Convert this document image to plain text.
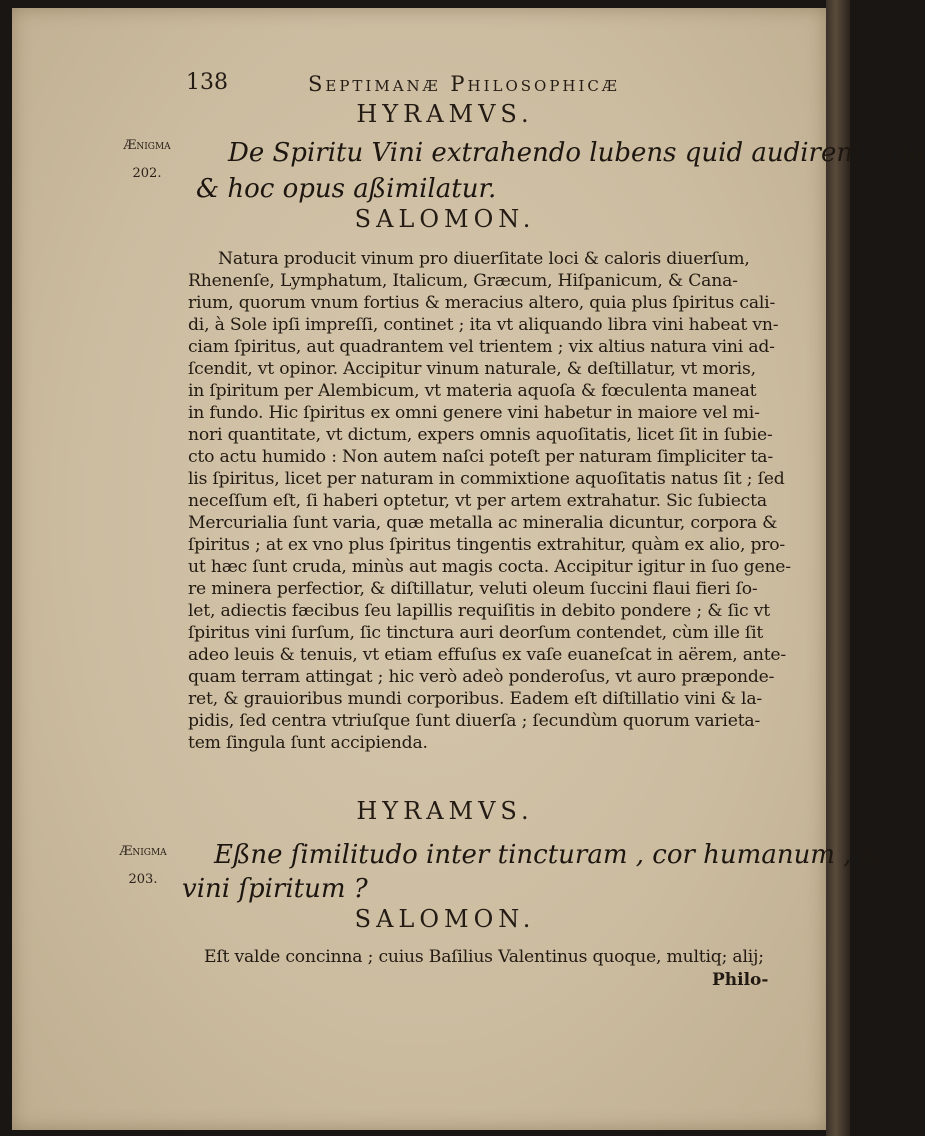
138	Septimanæ Philosophicæ
HYRAMVS.
Ænigma
202.
De Spiritu Vini extrahendo lubens quid audirem , cui
& hoc opus aßimilatur.
SALOMON.
Natura producit vinum pro diuerſitate loci & caloris diuerſum,
Rhenenſe, Lymphatum, Italicum, Græcum, Hiſpanicum, & Cana-
rium, quorum vnum fortius & meracius altero, quia plus ſpiritus cali-
di, à Sole ipſi impreſſi, continet ; ita vt aliquando libra vini habeat vn-
ciam ſpiritus, aut quadrantem vel trientem ; vix altius natura vini ad-
ſcendit, vt opinor. Accipitur vinum naturale, & deſtillatur, vt moris,
in ſpiritum per Alembicum, vt materia aquoſa & fœculenta maneat
in fundo. Hic ſpiritus ex omni genere vini habetur in maiore vel mi-
nori quantitate, vt dictum, expers omnis aquoſitatis, licet ſit in ſubie-
cto actu humido : Non autem naſci poteſt per naturam ſimpliciter ta-
lis ſpiritus, licet per naturam in commixtione aquoſitatis natus ſit ; ſed
neceſſum eſt, ſi haberi optetur, vt per artem extrahatur. Sic ſubiecta
Mercurialia ſunt varia, quæ metalla ac mineralia dicuntur, corpora &
ſpiritus ; at ex vno plus ſpiritus tingentis extrahitur, quàm ex alio, pro-
ut hæc ſunt cruda, minùs aut magis cocta. Accipitur igitur in ſuo gene-
re minera perfectior, & diſtillatur, veluti oleum ſuccini flaui fieri ſo-
let, adiectis fæcibus ſeu lapillis requiſitis in debito pondere ; & ſic vt
ſpiritus vini ſurſum, ſic tinctura auri deorſum contendet, cùm ille ſit
adeo leuis & tenuis, vt etiam effuſus ex vaſe euaneſcat in aërem, ante-
quam terram attingat ; hic verò adeò ponderoſus, vt auro præponde-
ret, & grauioribus mundi corporibus. Eadem eſt diſtillatio vini & la-
pidis, ſed centra vtriuſque ſunt diuerſa ; ſecundùm quorum varieta-
tem ſingula ſunt accipienda.
HYRAMVS.
Ænigma
203.
Eßne ſimilitudo inter tincturam , cor humanum , &
vini ſpiritum ?
SALOMON.
Eſt valde concinna ; cuius Baſilius Valentinus quoque, multiq; alij;
Philo-
